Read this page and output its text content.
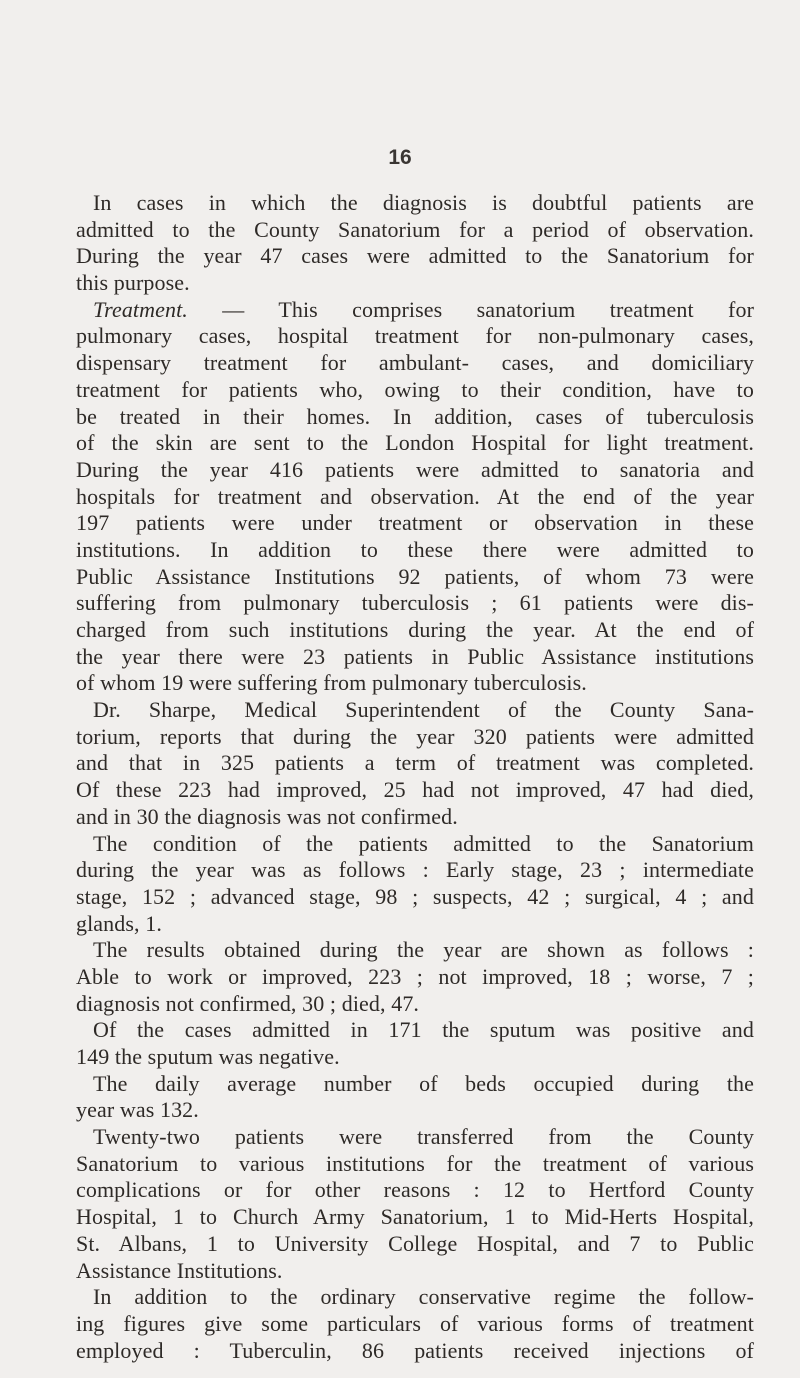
16
In cases in which the diagnosis is doubtful patients are
admitted to the County Sanatorium for a period of observation.
During the year 47 cases were admitted to the Sanatorium for
this purpose.
Treatment. — This comprises sanatorium treatment for
pulmonary cases, hospital treatment for non-pulmonary cases,
dispensary treatment for ambulant- cases, and domiciliary
treatment for patients who, owing to their condition, have to
be treated in their homes. In addition, cases of tuberculosis
of the skin are sent to the London Hospital for light treatment.
During the year 416 patients were admitted to sanatoria and
hospitals for treatment and observation. At the end of the year
197 patients were under treatment or observation in these
institutions. In addition to these there were admitted to
Public Assistance Institutions 92 patients, of whom 73 were
suffering from pulmonary tuberculosis ; 61 patients were dis-
charged from such institutions during the year. At the end of
the year there were 23 patients in Public Assistance institutions
of whom 19 were suffering from pulmonary tuberculosis.
Dr. Sharpe, Medical Superintendent of the County Sana-
torium, reports that during the year 320 patients were admitted
and that in 325 patients a term of treatment was completed.
Of these 223 had improved, 25 had not improved, 47 had died,
and in 30 the diagnosis was not confirmed.
The condition of the patients admitted to the Sanatorium
during the year was as follows : Early stage, 23 ; intermediate
stage, 152 ; advanced stage, 98 ; suspects, 42 ; surgical, 4 ; and
glands, 1.
The results obtained during the year are shown as follows :
Able to work or improved, 223 ; not improved, 18 ; worse, 7 ;
diagnosis not confirmed, 30 ; died, 47.
Of the cases admitted in 171 the sputum was positive and
149 the sputum was negative.
The daily average number of beds occupied during the
year was 132.
Twenty-two patients were transferred from the County
Sanatorium to various institutions for the treatment of various
complications or for other reasons : 12 to Hertford County
Hospital, 1 to Church Army Sanatorium, 1 to Mid-Herts Hospital,
St. Albans, 1 to University College Hospital, and 7 to Public
Assistance Institutions.
In addition to the ordinary conservative regime the follow-
ing figures give some particulars of various forms of treatment
employed : Tuberculin, 86 patients received injections of
